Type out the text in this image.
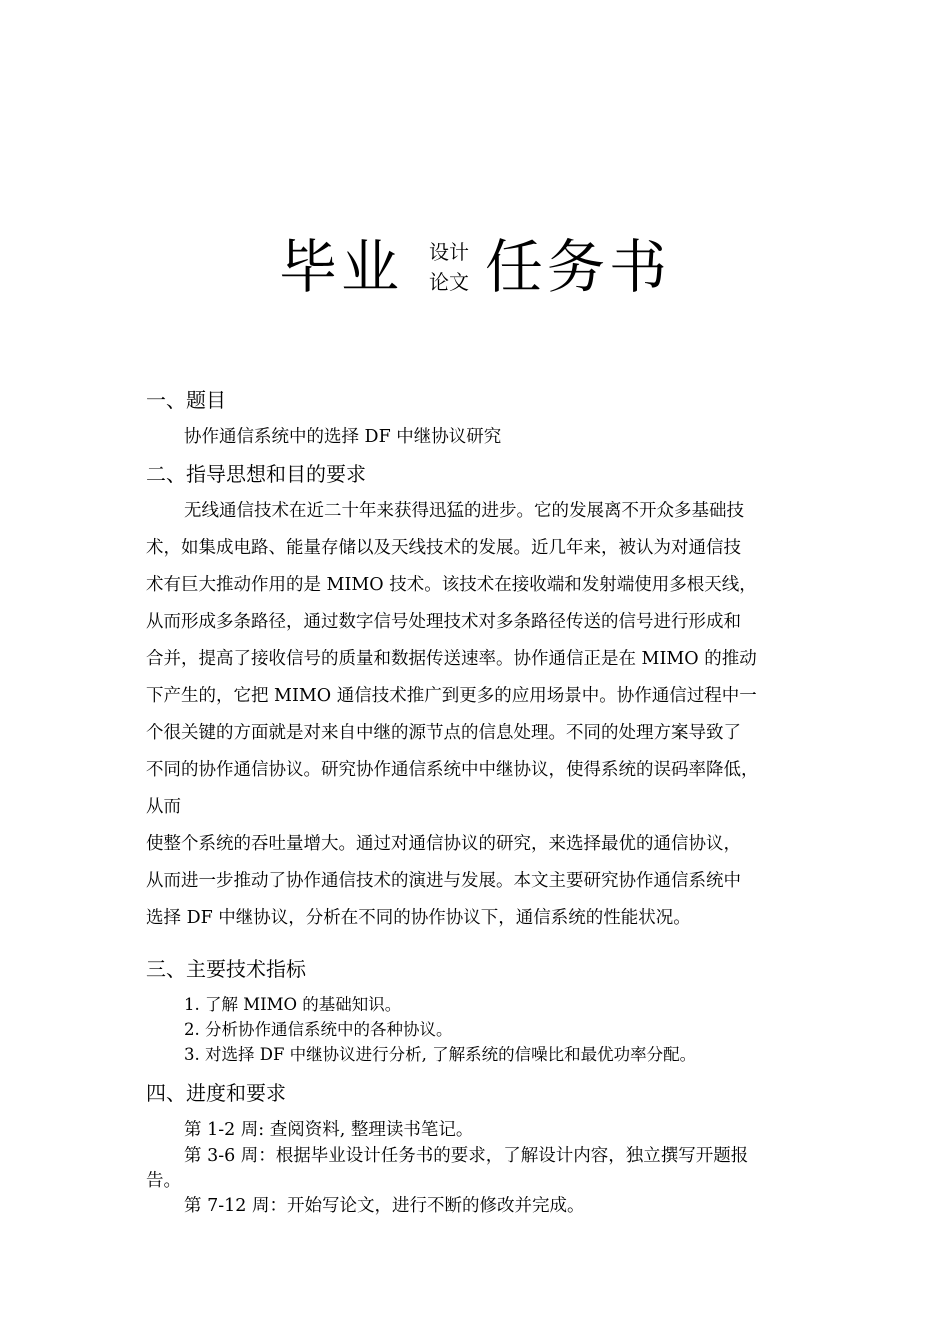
毕业 设计
论文 任务书
一、题目
协作通信系统中的选择 DF 中继协议研究
二、指导思想和目的要求
无线通信技术在近二十年来获得迅猛的进步。它的发展离不开众多基础技
术，如集成电路、能量存储以及天线技术的发展。近几年来，被认为对通信技
术有巨大推动作用的是 MIMO 技术。该技术在接收端和发射端使用多根天线，
从而形成多条路径，通过数字信号处理技术对多条路径传送的信号进行形成和
合并，提高了接收信号的质量和数据传送速率。协作通信正是在 MIMO 的推动
下产生的，它把 MIMO 通信技术推广到更多的应用场景中。协作通信过程中一
个很关键的方面就是对来自中继的源节点的信息处理。不同的处理方案导致了
不同的协作通信协议。研究协作通信系统中中继协议，使得系统的误码率降低，
从而
使整个系统的吞吐量增大。通过对通信协议的研究，来选择最优的通信协议，
从而进一步推动了协作通信技术的演进与发展。本文主要研究协作通信系统中
选择 DF 中继协议，分析在不同的协作协议下，通信系统的性能状况。
三、主要技术指标
1. 了解 MIMO 的基础知识。
2. 分析协作通信系统中的各种协议。
3. 对选择 DF 中继协议进行分析, 了解系统的信噪比和最优功率分配。
四、进度和要求
第 1-2 周: 查阅资料, 整理读书笔记。
第 3-6 周：根据毕业设计任务书的要求，了解设计内容，独立撰写开题报
告。
第 7-12 周：开始写论文，进行不断的修改并完成。
